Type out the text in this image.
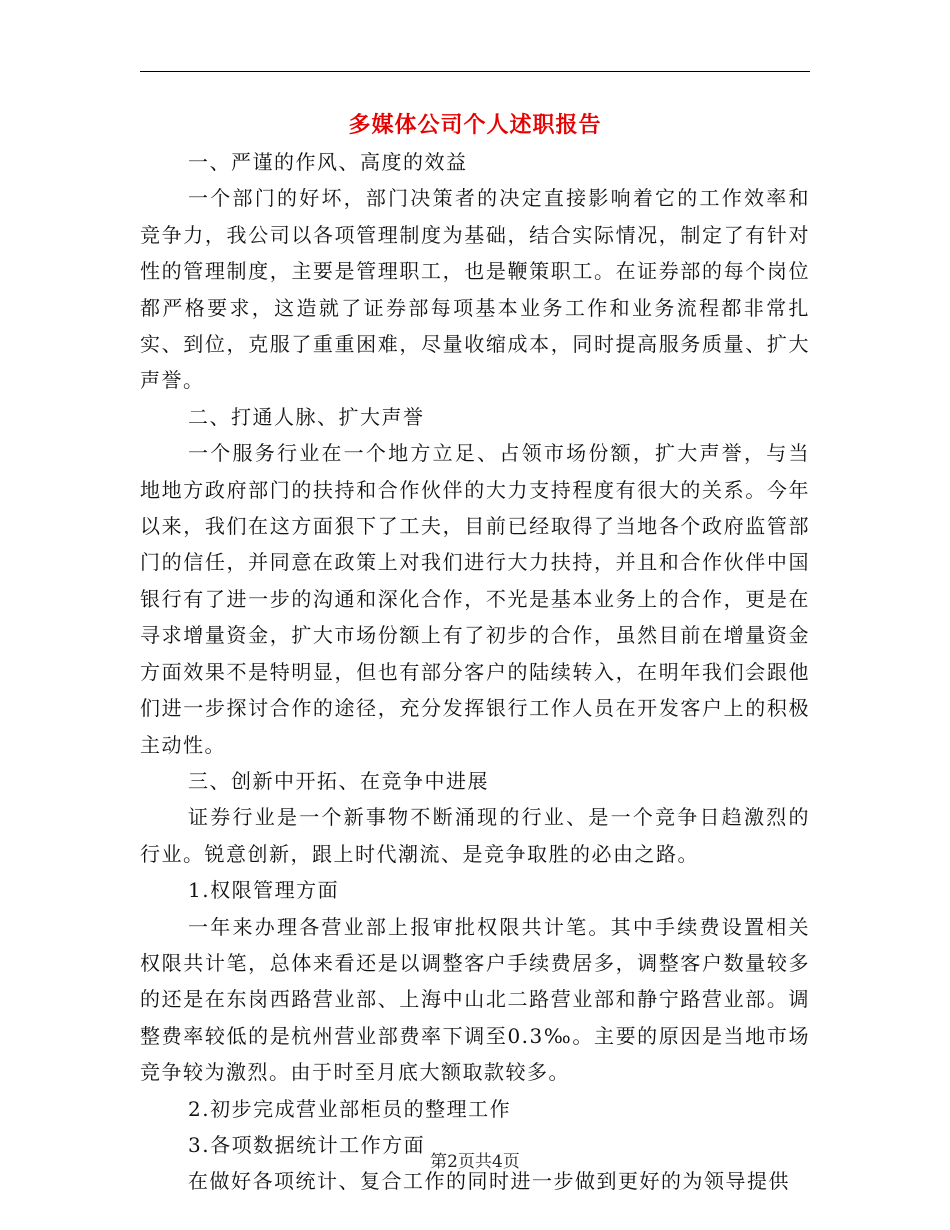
多媒体公司个人述职报告

一、严谨的作风、高度的效益

一个部门的好坏，部门决策者的决定直接影响着它的工作效率和竞争力，我公司以各项管理制度为基础，结合实际情况，制定了有针对性的管理制度，主要是管理职工，也是鞭策职工。在证券部的每个岗位都严格要求，这造就了证券部每项基本业务工作和业务流程都非常扎实、到位，克服了重重困难，尽量收缩成本，同时提高服务质量、扩大声誉。

二、打通人脉、扩大声誉

一个服务行业在一个地方立足、占领市场份额，扩大声誉，与当地地方政府部门的扶持和合作伙伴的大力支持程度有很大的关系。今年以来，我们在这方面狠下了工夫，目前已经取得了当地各个政府监管部门的信任，并同意在政策上对我们进行大力扶持，并且和合作伙伴中国银行有了进一步的沟通和深化合作，不光是基本业务上的合作，更是在寻求增量资金，扩大市场份额上有了初步的合作，虽然目前在增量资金方面效果不是特明显，但也有部分客户的陆续转入，在明年我们会跟他们进一步探讨合作的途径，充分发挥银行工作人员在开发客户上的积极主动性。

三、创新中开拓、在竞争中进展

证券行业是一个新事物不断涌现的行业、是一个竞争日趋激烈的行业。锐意创新，跟上时代潮流、是竞争取胜的必由之路。

1.权限管理方面

一年来办理各营业部上报审批权限共计笔。其中手续费设置相关权限共计笔，总体来看还是以调整客户手续费居多，调整客户数量较多的还是在东岗西路营业部、上海中山北二路营业部和静宁路营业部。调整费率较低的是杭州营业部费率下调至0.3‰。主要的原因是当地市场竞争较为激烈。由于时至月底大额取款较多。

2.初步完成营业部柜员的整理工作

3.各项数据统计工作方面

在做好各项统计、复合工作的同时进一步做到更好的为领导提供

第2页共4页
